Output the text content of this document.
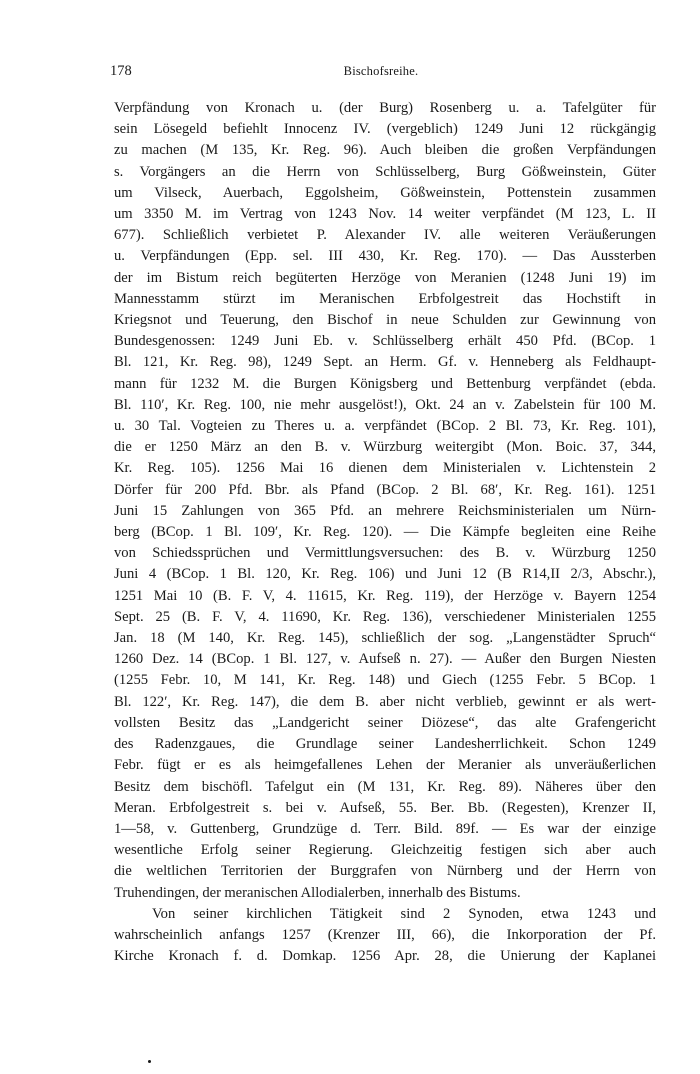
178	Bischofsreihe.
Verpfändung von Kronach u. (der Burg) Rosenberg u. a. Tafelgüter für
sein Lösegeld befiehlt Innocenz IV. (vergeblich) 1249 Juni 12 rückgängig
zu machen (M 135, Kr. Reg. 96). Auch bleiben die großen Verpfändungen
s. Vorgängers an die Herrn von Schlüsselberg, Burg Gößweinstein, Güter
um Vilseck, Auerbach, Eggolsheim, Gößweinstein, Pottenstein zusammen
um 3350 M. im Vertrag von 1243 Nov. 14 weiter verpfändet (M 123, L. II
677). Schließlich verbietet P. Alexander IV. alle weiteren Veräußerungen
u. Verpfändungen (Epp. sel. III 430, Kr. Reg. 170). — Das Aussterben
der im Bistum reich begüterten Herzöge von Meranien (1248 Juni 19) im
Mannesstamm stürzt im Meranischen Erbfolgestreit das Hochstift in
Kriegsnot und Teuerung, den Bischof in neue Schulden zur Gewinnung von
Bundesgenossen: 1249 Juni Eb. v. Schlüsselberg erhält 450 Pfd. (BCop. 1
Bl. 121, Kr. Reg. 98), 1249 Sept. an Herm. Gf. v. Henneberg als Feldhaupt-
mann für 1232 M. die Burgen Königsberg und Bettenburg verpfändet (ebda.
Bl. 110′, Kr. Reg. 100, nie mehr ausgelöst!), Okt. 24 an v. Zabelstein für 100 M.
u. 30 Tal. Vogteien zu Theres u. a. verpfändet (BCop. 2 Bl. 73, Kr. Reg. 101),
die er 1250 März an den B. v. Würzburg weitergibt (Mon. Boic. 37, 344,
Kr. Reg. 105). 1256 Mai 16 dienen dem Ministerialen v. Lichtenstein 2
Dörfer für 200 Pfd. Bbr. als Pfand (BCop. 2 Bl. 68′, Kr. Reg. 161). 1251
Juni 15 Zahlungen von 365 Pfd. an mehrere Reichsministerialen um Nürn-
berg (BCop. 1 Bl. 109′, Kr. Reg. 120). — Die Kämpfe begleiten eine Reihe
von Schiedssprüchen und Vermittlungsversuchen: des B. v. Würzburg 1250
Juni 4 (BCop. 1 Bl. 120, Kr. Reg. 106) und Juni 12 (B R14,II 2/3, Abschr.),
1251 Mai 10 (B. F. V, 4. 11615, Kr. Reg. 119), der Herzöge v. Bayern 1254
Sept. 25 (B. F. V, 4. 11690, Kr. Reg. 136), verschiedener Ministerialen 1255
Jan. 18 (M 140, Kr. Reg. 145), schließlich der sog. „Langenstädter Spruch“
1260 Dez. 14 (BCop. 1 Bl. 127, v. Aufseß n. 27). — Außer den Burgen Niesten
(1255 Febr. 10, M 141, Kr. Reg. 148) und Giech (1255 Febr. 5 BCop. 1
Bl. 122′, Kr. Reg. 147), die dem B. aber nicht verblieb, gewinnt er als wert-
vollsten Besitz das „Landgericht seiner Diözese“, das alte Grafengericht
des Radenzgaues, die Grundlage seiner Landesherrlichkeit. Schon 1249
Febr. fügt er es als heimgefallenes Lehen der Meranier als unveräußerlichen
Besitz dem bischöfl. Tafelgut ein (M 131, Kr. Reg. 89). Näheres über den
Meran. Erbfolgestreit s. bei v. Aufseß, 55. Ber. Bb. (Regesten), Krenzer II,
1—58, v. Guttenberg, Grundzüge d. Terr. Bild. 89f. — Es war der einzige
wesentliche Erfolg seiner Regierung. Gleichzeitig festigen sich aber auch
die weltlichen Territorien der Burggrafen von Nürnberg und der Herrn von
Truhendingen, der meranischen Allodialerben, innerhalb des Bistums.
Von seiner kirchlichen Tätigkeit sind 2 Synoden, etwa 1243 und
wahrscheinlich anfangs 1257 (Krenzer III, 66), die Inkorporation der Pf.
Kirche Kronach f. d. Domkap. 1256 Apr. 28, die Unierung der Kaplanei
